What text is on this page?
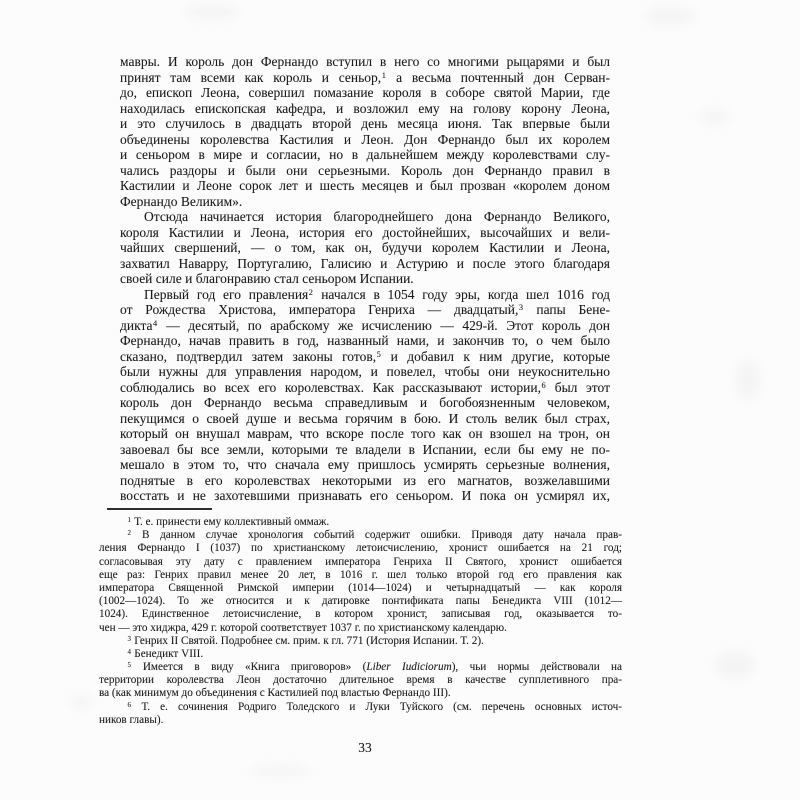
мавры. И король дон Фернандо вступил в него со многими рыцарями и был
принят там всеми как король и сеньор,$^1$ а весьма почтенный дон Серван-
до, епископ Леона, совершил помазание короля в соборе святой Марии, где
находилась епископская кафедра, и возложил ему на голову корону Леона,
и это случилось в двадцать второй день месяца июня. Так впервые были
объединены королевства Кастилия и Леон. Дон Фернандо был их королем
и сеньором в мире и согласии, но в дальнейшем между королевствами слу-
чались раздоры и были они серьезными. Король дон Фернандо правил в
Кастилии и Леоне сорок лет и шесть месяцев и был прозван «королем доном
Фернандо Великим».
Отсюда начинается история благороднейшего дона Фернандо Великого,
короля Кастилии и Леона, история его достойнейших, высочайших и вели-
чайших свершений, — о том, как он, будучи королем Кастилии и Леона,
захватил Наварру, Португалию, Галисию и Астурию и после этого благодаря
своей силе и благонравию стал сеньором Испании.
Первый год его правления$^2$ начался в 1054 году эры, когда шел 1016 год
от Рождества Христова, императора Генриха — двадцатый,$^3$ папы Бене-
дикта$^4$ — десятый, по арабскому же исчислению — 429-й. Этот король дон
Фернандо, начав править в год, названный нами, и закончив то, о чем было
сказано, подтвердил затем законы готов,$^5$ и добавил к ним другие, которые
были нужны для управления народом, и повелел, чтобы они неукоснительно
соблюдались во всех его королевствах. Как рассказывают истории,$^6$ был этот
король дон Фернандо весьма справедливым и богобоязненным человеком,
пекущимся о своей душе и весьма горячим в бою. И столь велик был страх,
который он внушал маврам, что вскоре после того как он взошел на трон, он
завоевал бы все земли, которыми те владели в Испании, если бы ему не по-
мешало в этом то, что сначала ему пришлось усмирять серьезные волнения,
поднятые в его королевствах некоторыми из его магнатов, возжелавшими
восстать и не захотевшими признавать его сеньором. И пока он усмирял их,
$^1$ Т. е. принести ему коллективный оммаж.
$^2$ В данном случае хронология событий содержит ошибки. Приводя дату начала прав-
ления Фернандо I (1037) по христианскому летоисчислению, хронист ошибается на 21 год;
согласовывая эту дату с правлением императора Генриха II Святого, хронист ошибается
еще раз: Генрих правил менее 20 лет, в 1016 г. шел только второй год его правления как
императора Священной Римской империи (1014—1024) и четырнадцатый — как короля
(1002—1024). То же относится и к датировке понтификата папы Бенедикта VIII (1012—
1024). Единственное летоисчисление, в котором хронист, записывая год, оказывается то-
чен — это хиджра, 429 г. которой соответствует 1037 г. по христианскому календарю.
$^3$ Генрих II Святой. Подробнее см. прим. к гл. 771 (История Испании. Т. 2).
$^4$ Бенедикт VIII.
$^5$ Имеется в виду «Книга приговоров» (Liber Iudiciorum), чьи нормы действовали на
территории королевства Леон достаточно длительное время в качестве супплетивного пра-
ва (как минимум до объединения с Кастилией под властью Фернандо III).
$^6$ Т. е. сочинения Родриго Толедского и Луки Туйского (см. перечень основных источ-
ников главы).
33
